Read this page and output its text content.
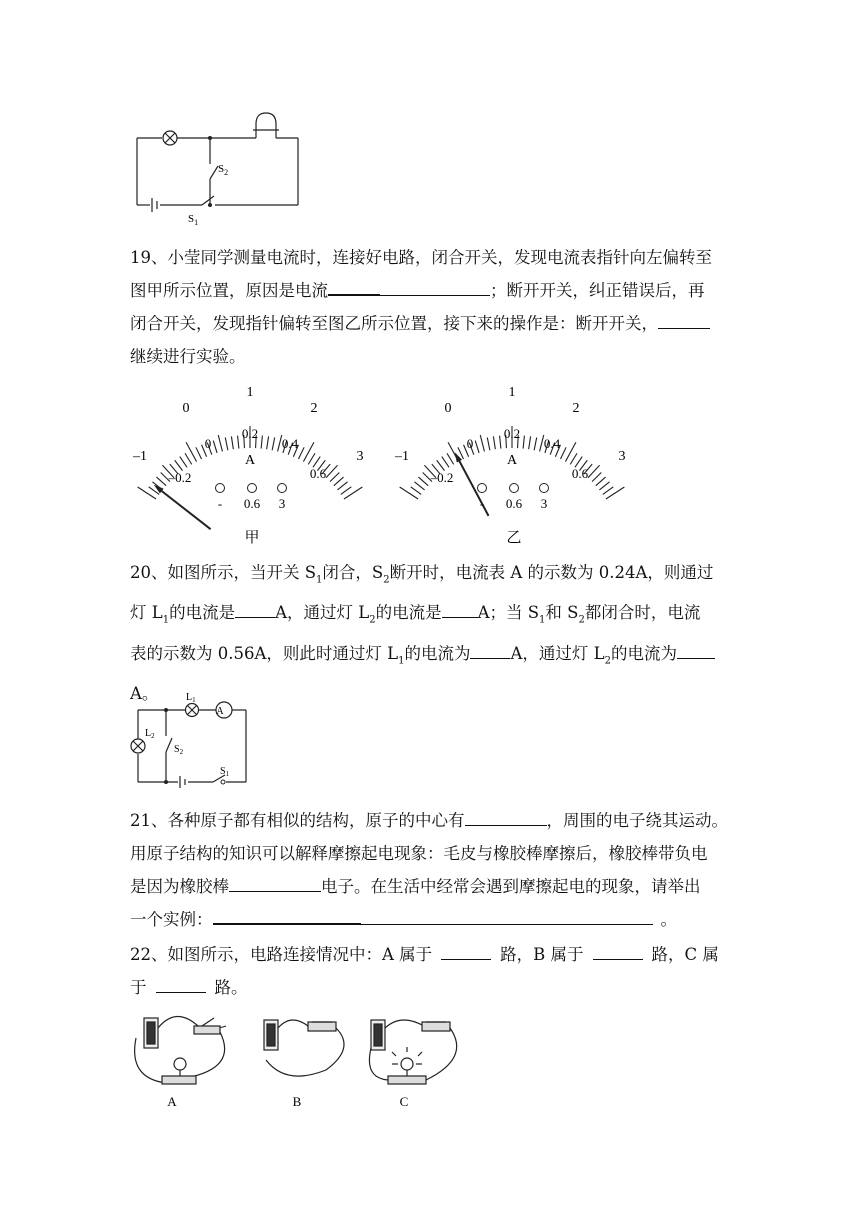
$S_2$
$S_1$

19、小莹同学测量电流时，连接好电路，闭合开关，发现电流表指针向左偏转至

图甲所示位置，原因是电流	；断开开关，纠正错误后，再

闭合开关，发现指针偏转至图乙所示位置，接下来的操作是：断开开关，

继续进行实验。

–1
0
1
2
3
–0.2
0
0.2
0.4
0.6
A
- 0.6 3
甲
–1
0
1
2
3
–0.2
0
0.2
0.4
0.6
A
- 0.6 3
乙

20、如图所示，当开关 $S_1$闭合，$S_2$断开时，电流表 A 的示数为 0.24A，则通过

灯 $L_1$的电流是 A，通过灯 $L_2$的电流是 A；当 $S_1$和 $S_2$都闭合时，电流

表的示数为 0.56A，则此时通过灯 $L_1$的电流为 A，通过灯 $L_2$的电流为

A。

A
$L_1$
$L_2$
$S_2$
$S_1$

21、各种原子都有相似的结构，原子的中心有	，周围的电子绕其运动。

用原子结构的知识可以解释摩擦起电现象：毛皮与橡胶棒摩擦后，橡胶棒带负电

是因为橡胶棒	电子。在生活中经常会遇到摩擦起电的现象，请举出

一个实例：	。

22、如图所示，电路连接情况中：A 属于	路，B 属于	路，C 属

于	路。

A	B	C
